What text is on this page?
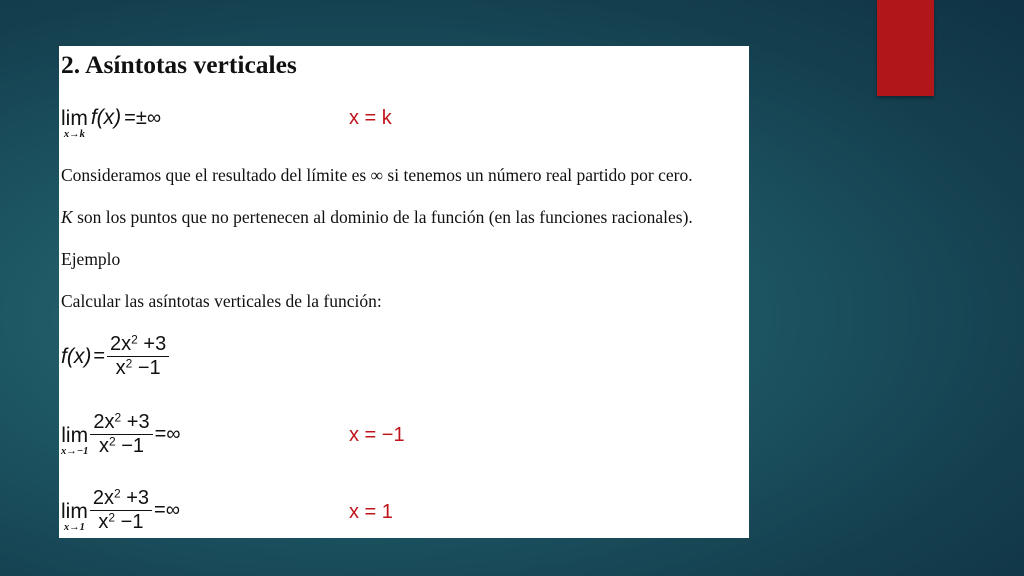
2. Asíntotas verticales
lim
x→k
f(x) =±∞	x = k
Consideramos que el resultado del límite es ∞ si tenemos un número real partido por cero.
K son los puntos que no pertenecen al dominio de la función (en las funciones racionales).
Ejemplo
Calcular las asíntotas verticales de la función:
$f(x) = \frac{2x^2 +3}{x^2 -1}$
lim
$x\to-1 \frac{2x^2 +3}{x^2 -1}$ =∞	x = −1
lim
$x\to 1 \frac{2x^2 +3}{x^2 -1}$ =∞	x = 1
